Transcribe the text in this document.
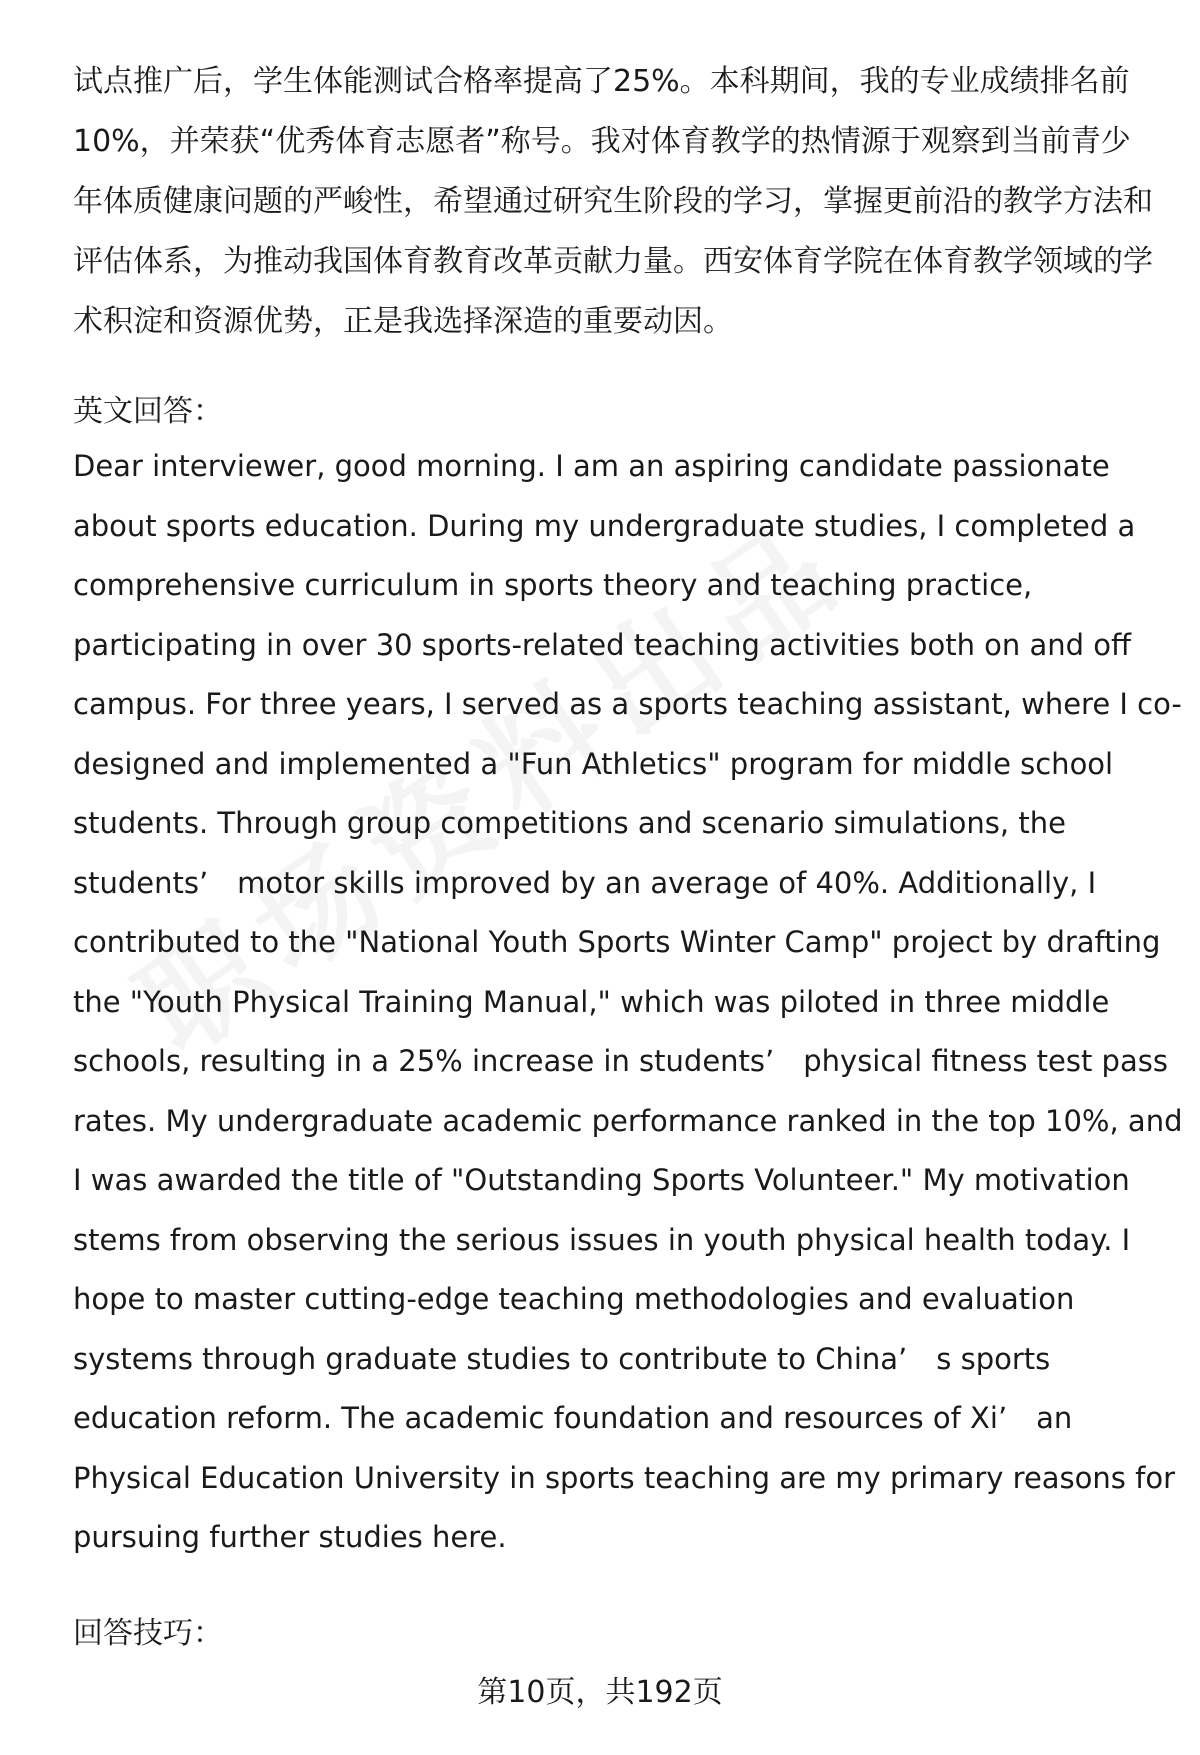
试点推广后，学生体能测试合格率提高了25%。本科期间，我的专业成绩排名前
10%，并荣获“优秀体育志愿者”称号。我对体育教学的热情源于观察到当前青少
年体质健康问题的严峻性，希望通过研究生阶段的学习，掌握更前沿的教学方法和
评估体系，为推动我国体育教育改革贡献力量。西安体育学院在体育教学领域的学
术积淀和资源优势，正是我选择深造的重要动因。

英文回答：

Dear interviewer, good morning. I am an aspiring candidate passionate
about sports education. During my undergraduate studies, I completed a
comprehensive curriculum in sports theory and teaching practice,
participating in over 30 sports-related teaching activities both on and off
campus. For three years, I served as a sports teaching assistant, where I co-
designed and implemented a "Fun Athletics" program for middle school
students. Through group competitions and scenario simulations, the
students’　motor skills improved by an average of 40%. Additionally, I
contributed to the "National Youth Sports Winter Camp" project by drafting
the "Youth Physical Training Manual," which was piloted in three middle
schools, resulting in a 25% increase in students’　physical fitness test pass
rates. My undergraduate academic performance ranked in the top 10%, and
I was awarded the title of "Outstanding Sports Volunteer." My motivation
stems from observing the serious issues in youth physical health today. I
hope to master cutting-edge teaching methodologies and evaluation
systems through graduate studies to contribute to China’　s sports
education reform. The academic foundation and resources of Xi’　an
Physical Education University in sports teaching are my primary reasons for
pursuing further studies here.

回答技巧：

第10页，共192页
